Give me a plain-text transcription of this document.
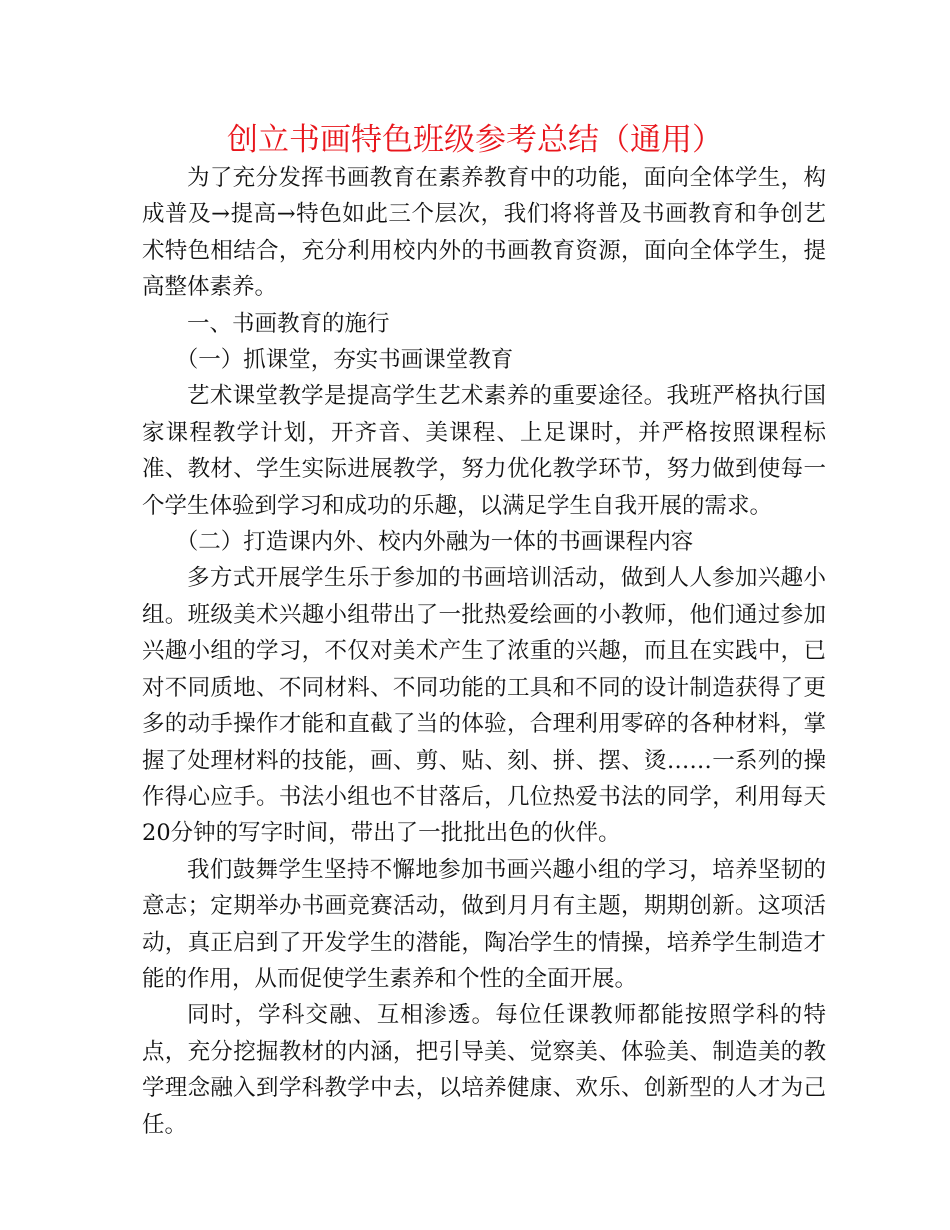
创立书画特色班级参考总结（通用）

为了充分发挥书画教育在素养教育中的功能，面向全体学生，构成普及→提高→特色如此三个层次，我们将将普及书画教育和争创艺术特色相结合，充分利用校内外的书画教育资源，面向全体学生，提高整体素养。

一、书画教育的施行

（一）抓课堂，夯实书画课堂教育

艺术课堂教学是提高学生艺术素养的重要途径。我班严格执行国家课程教学计划，开齐音、美课程、上足课时，并严格按照课程标准、教材、学生实际进展教学，努力优化教学环节，努力做到使每一个学生体验到学习和成功的乐趣，以满足学生自我开展的需求。

（二）打造课内外、校内外融为一体的书画课程内容

多方式开展学生乐于参加的书画培训活动，做到人人参加兴趣小组。班级美术兴趣小组带出了一批热爱绘画的小教师，他们通过参加兴趣小组的学习，不仅对美术产生了浓重的兴趣，而且在实践中，已对不同质地、不同材料、不同功能的工具和不同的设计制造获得了更多的动手操作才能和直截了当的体验，合理利用零碎的各种材料，掌握了处理材料的技能，画、剪、贴、刻、拼、摆、烫……一系列的操作得心应手。书法小组也不甘落后，几位热爱书法的同学，利用每天20分钟的写字时间，带出了一批批出色的伙伴。

我们鼓舞学生坚持不懈地参加书画兴趣小组的学习，培养坚韧的意志；定期举办书画竞赛活动，做到月月有主题，期期创新。这项活动，真正启到了开发学生的潜能，陶冶学生的情操，培养学生制造才能的作用，从而促使学生素养和个性的全面开展。

同时，学科交融、互相渗透。每位任课教师都能按照学科的特点，充分挖掘教材的内涵，把引导美、觉察美、体验美、制造美的教学理念融入到学科教学中去，以培养健康、欢乐、创新型的人才为己任。
